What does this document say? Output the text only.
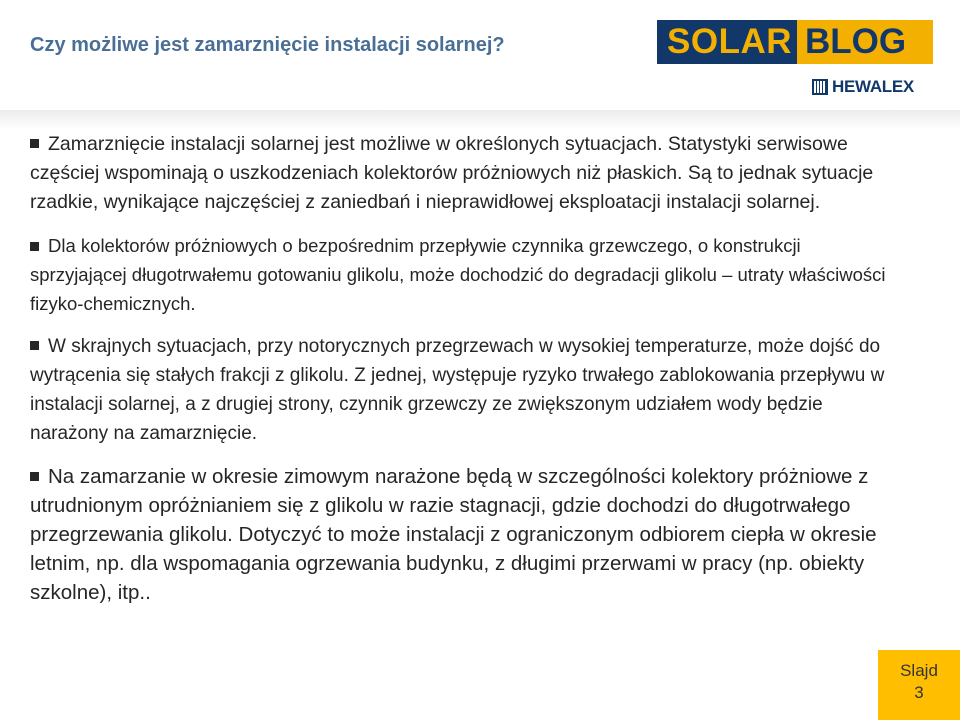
Czy możliwe jest zamarznięcie instalacji solarnej?	SOLAR BLOG
HEWALEX

Zamarznięcie instalacji solarnej jest możliwe w określonych sytuacjach. Statystyki serwisowe częściej wspominają o uszkodzeniach kolektorów próżniowych niż płaskich. Są to jednak sytuacje rzadkie, wynikające najczęściej z zaniedbań i nieprawidłowej eksploatacji instalacji solarnej.

Dla kolektorów próżniowych o bezpośrednim przepływie czynnika grzewczego, o konstrukcji sprzyjającej długotrwałemu gotowaniu glikolu, może dochodzić do degradacji glikolu – utraty właściwości fizyko-chemicznych.

W skrajnych sytuacjach, przy notorycznych przegrzewach w wysokiej temperaturze, może dojść do wytrącenia się stałych frakcji z glikolu. Z jednej, występuje ryzyko trwałego zablokowania przepływu w instalacji solarnej, a z drugiej strony, czynnik grzewczy ze zwiększonym udziałem wody będzie narażony na zamarznięcie.

Na zamarzanie w okresie zimowym narażone będą w szczególności kolektory próżniowe z utrudnionym opróżnianiem się z glikolu w razie stagnacji, gdzie dochodzi do długotrwałego przegrzewania glikolu. Dotyczyć to może instalacji z ograniczonym odbiorem ciepła w okresie letnim, np. dla wspomagania ogrzewania budynku, z długimi przerwami w pracy (np. obiekty szkolne), itp..

Slajd
3
